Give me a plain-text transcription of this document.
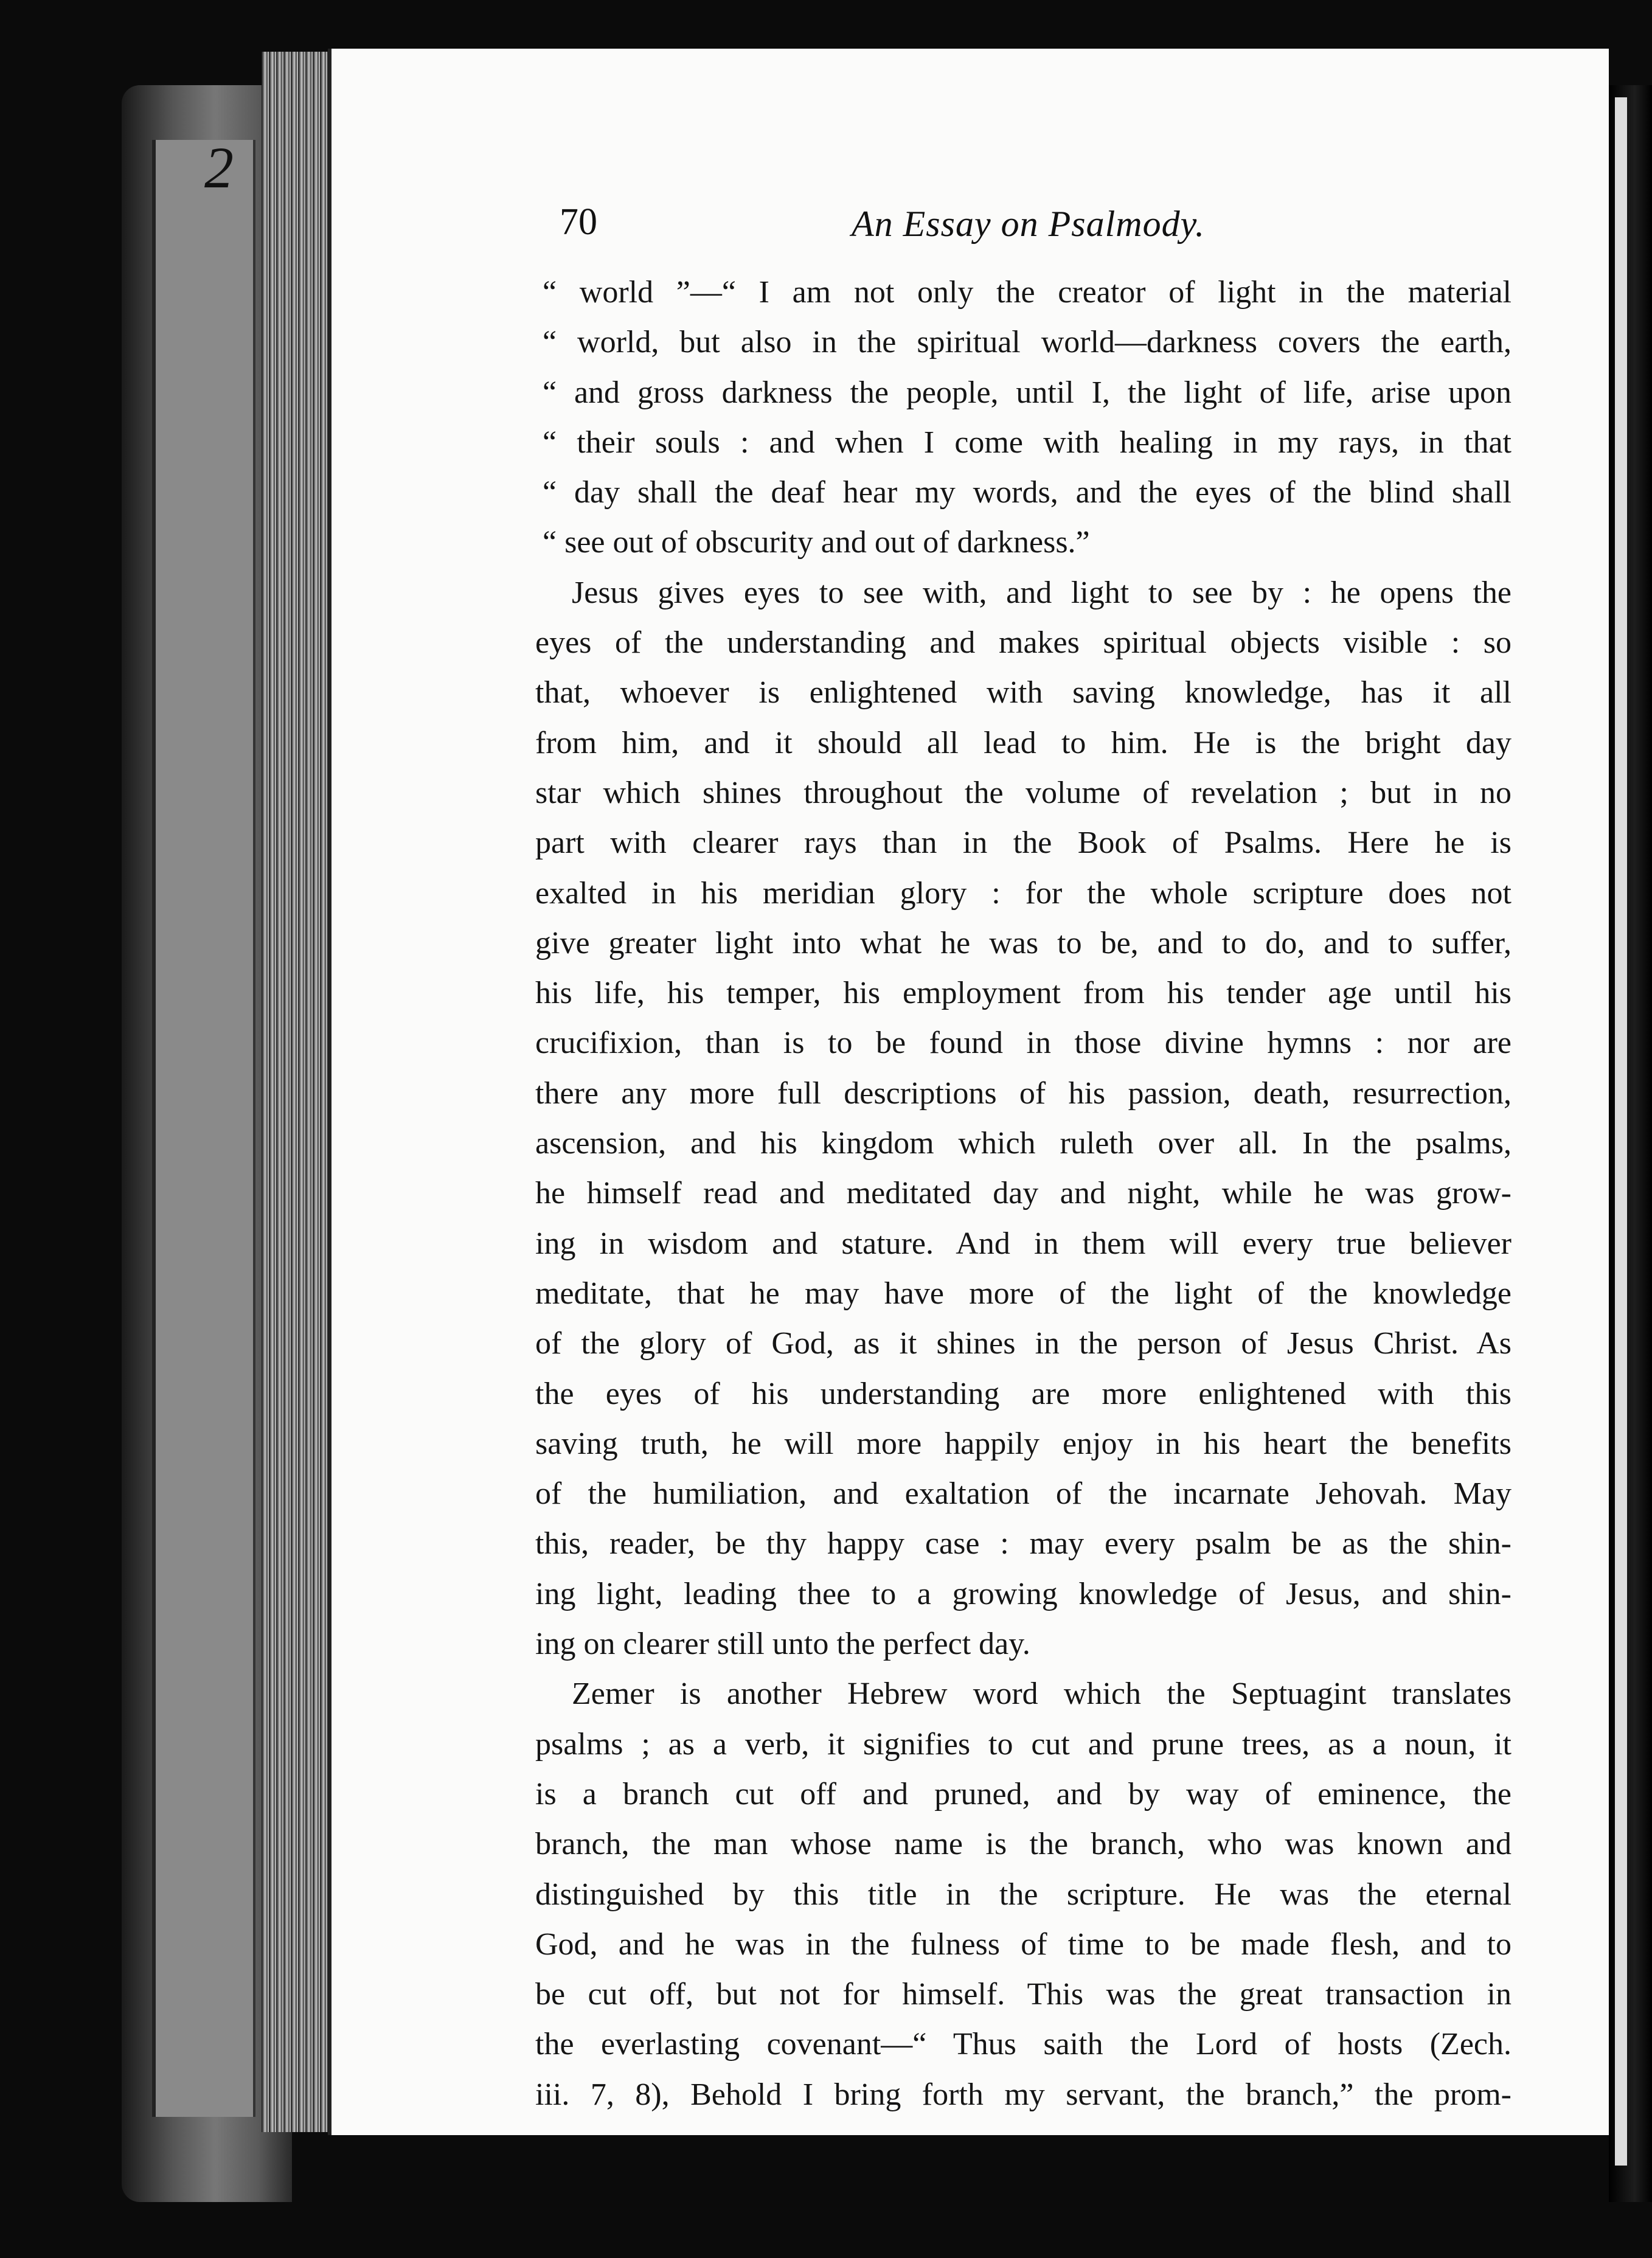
2
70	An Essay on Psalmody.
“ world ”—“ I am not only the creator of light in the material
“ world, but also in the spiritual world—darkness covers the earth,
“ and gross darkness the people, until I, the light of life, arise upon
“ their souls : and when I come with healing in my rays, in that
“ day shall the deaf hear my words, and the eyes of the blind shall
“ see out of obscurity and out of darkness.”
Jesus gives eyes to see with, and light to see by : he opens the
eyes of the understanding and makes spiritual objects visible : so
that, whoever is enlightened with saving knowledge, has it all
from him, and it should all lead to him. He is the bright day
star which shines throughout the volume of revelation ; but in no
part with clearer rays than in the Book of Psalms. Here he is
exalted in his meridian glory : for the whole scripture does not
give greater light into what he was to be, and to do, and to suffer,
his life, his temper, his employment from his tender age until his
crucifixion, than is to be found in those divine hymns : nor are
there any more full descriptions of his passion, death, resurrection,
ascension, and his kingdom which ruleth over all. In the psalms,
he himself read and meditated day and night, while he was grow-
ing in wisdom and stature. And in them will every true believer
meditate, that he may have more of the light of the knowledge
of the glory of God, as it shines in the person of Jesus Christ. As
the eyes of his understanding are more enlightened with this
saving truth, he will more happily enjoy in his heart the benefits
of the humiliation, and exaltation of the incarnate Jehovah. May
this, reader, be thy happy case : may every psalm be as the shin-
ing light, leading thee to a growing knowledge of Jesus, and shin-
ing on clearer still unto the perfect day.
Zemer is another Hebrew word which the Septuagint translates
psalms ; as a verb, it signifies to cut and prune trees, as a noun, it
is a branch cut off and pruned, and by way of eminence, the
branch, the man whose name is the branch, who was known and
distinguished by this title in the scripture. He was the eternal
God, and he was in the fulness of time to be made flesh, and to
be cut off, but not for himself. This was the great transaction in
the everlasting covenant—“ Thus saith the Lord of hosts (Zech.
iii. 7, 8), Behold I bring forth my servant, the branch,” the prom-
